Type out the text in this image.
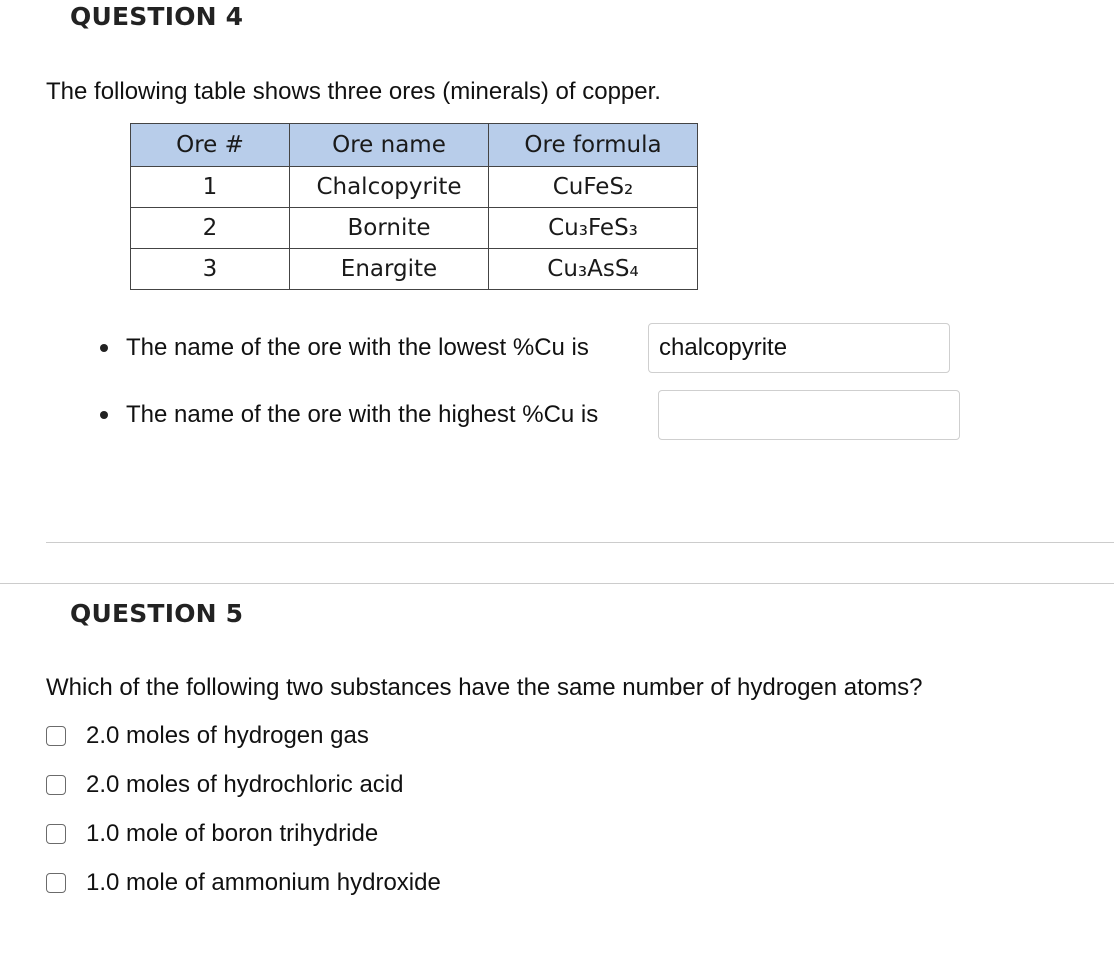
QUESTION 4
The following table shows three ores (minerals) of copper.
Ore #	Ore name	Ore formula
1	Chalcopyrite	CuFeS₂
2	Bornite	Cu₃FeS₃
3	Enargite	Cu₃AsS₄
The name of the ore with the lowest %Cu is	chalcopyrite
The name of the ore with the highest %Cu is
QUESTION 5
Which of the following two substances have the same number of hydrogen atoms?
2.0 moles of hydrogen gas
2.0 moles of hydrochloric acid
1.0 mole of boron trihydride
1.0 mole of ammonium hydroxide
